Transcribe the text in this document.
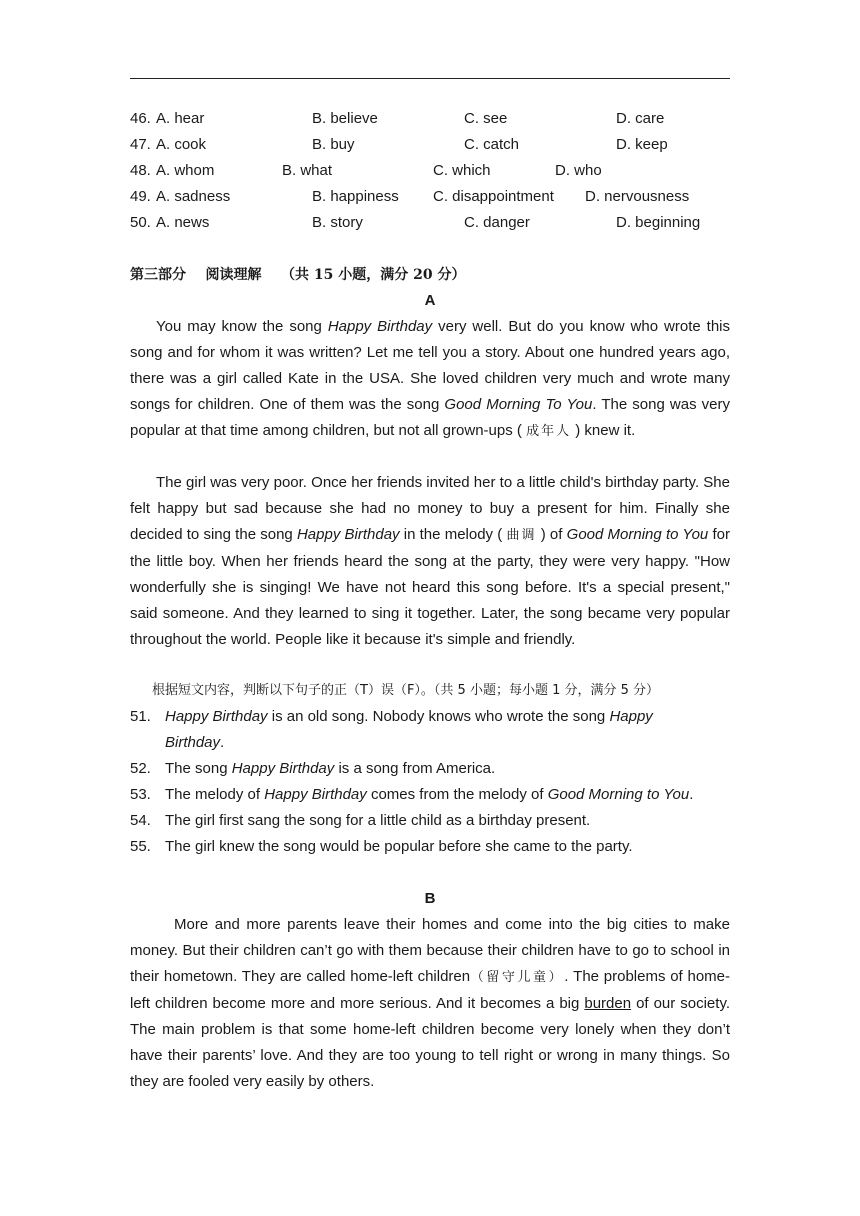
46. A. hear	B. believe	C. see	D. care
47. A. cook	B. buy	C. catch	D. keep
48. A. whom	B. what	C. which	D. who
49. A. sadness	B. happiness C. disappointment D. nervousness
50. A. news	B. story	C. danger	D. beginning
第三部分 阅读理解 （共 15 小题，满分 20 分）
A

You may know the song Happy Birthday very well. But do you know who wrote this song and for whom it was written? Let me tell you a story. About one hundred years ago, there was a girl called Kate in the USA. She loved children very much and wrote many songs for children. One of them was the song Good Morning To You. The song was very popular at that time among children, but not all grown-ups ( 成年人 ) knew it.

The girl was very poor. Once her friends invited her to a little child's birthday party. She felt happy but sad because she had no money to buy a present for him. Finally she decided to sing the song Happy Birthday in the melody ( 曲调 ) of Good Morning to You for the little boy. When her friends heard the song at the party, they were very happy. "How wonderfully she is singing! We have not heard this song before. It's a special present," said someone. And they learned to sing it together. Later, the song became very popular throughout the world. People like it because it's simple and friendly.

根据短文内容，判断以下句子的正（T）误（F）。（共 5 小题；每小题 1 分，满分 5 分）
51. Happy Birthday is an old song. Nobody knows who wrote the song Happy Birthday.
52. The song Happy Birthday is a song from America.
53. The melody of Happy Birthday comes from the melody of Good Morning to You.
54. The girl first sang the song for a little child as a birthday present.
55. The girl knew the song would be popular before she came to the party.
B

More and more parents leave their homes and come into the big cities to make money. But their children can’t go with them because their children have to go to school in their hometown. They are called home-left children（留守儿童）. The problems of home-left children become more and more serious. And it becomes a big burden of our society. The main problem is that some home-left children become very lonely when they don’t have their parents’ love. And they are too young to tell right or wrong in many things. So they are fooled very easily by others.
